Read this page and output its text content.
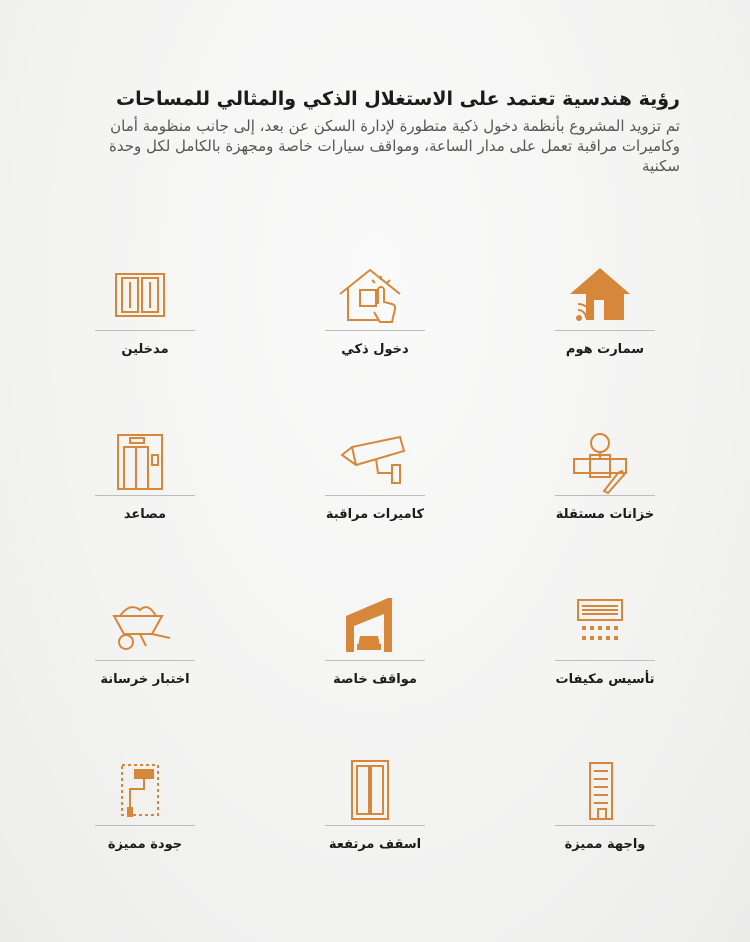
رؤية هندسية تعتمد على الاستغلال الذكي والمثالي للمساحات

تم تزويد المشروع بأنظمة دخول ذكية متطورة لإدارة السكن عن بعد، إلى جانب منظومة أمان وكاميرات مراقبة تعمل على مدار الساعة، ومواقف سيارات خاصة ومجهزة بالكامل لكل وحدة سكنية

سمارت هوم
دخول ذكي
مدخلين
خزانات مستقلة
كاميرات مراقبة
مصاعد
تأسيس مكيفات
مواقف خاصة
اختبار خرسانة
واجهة مميزة
اسقف مرتفعة
جودة مميزة
